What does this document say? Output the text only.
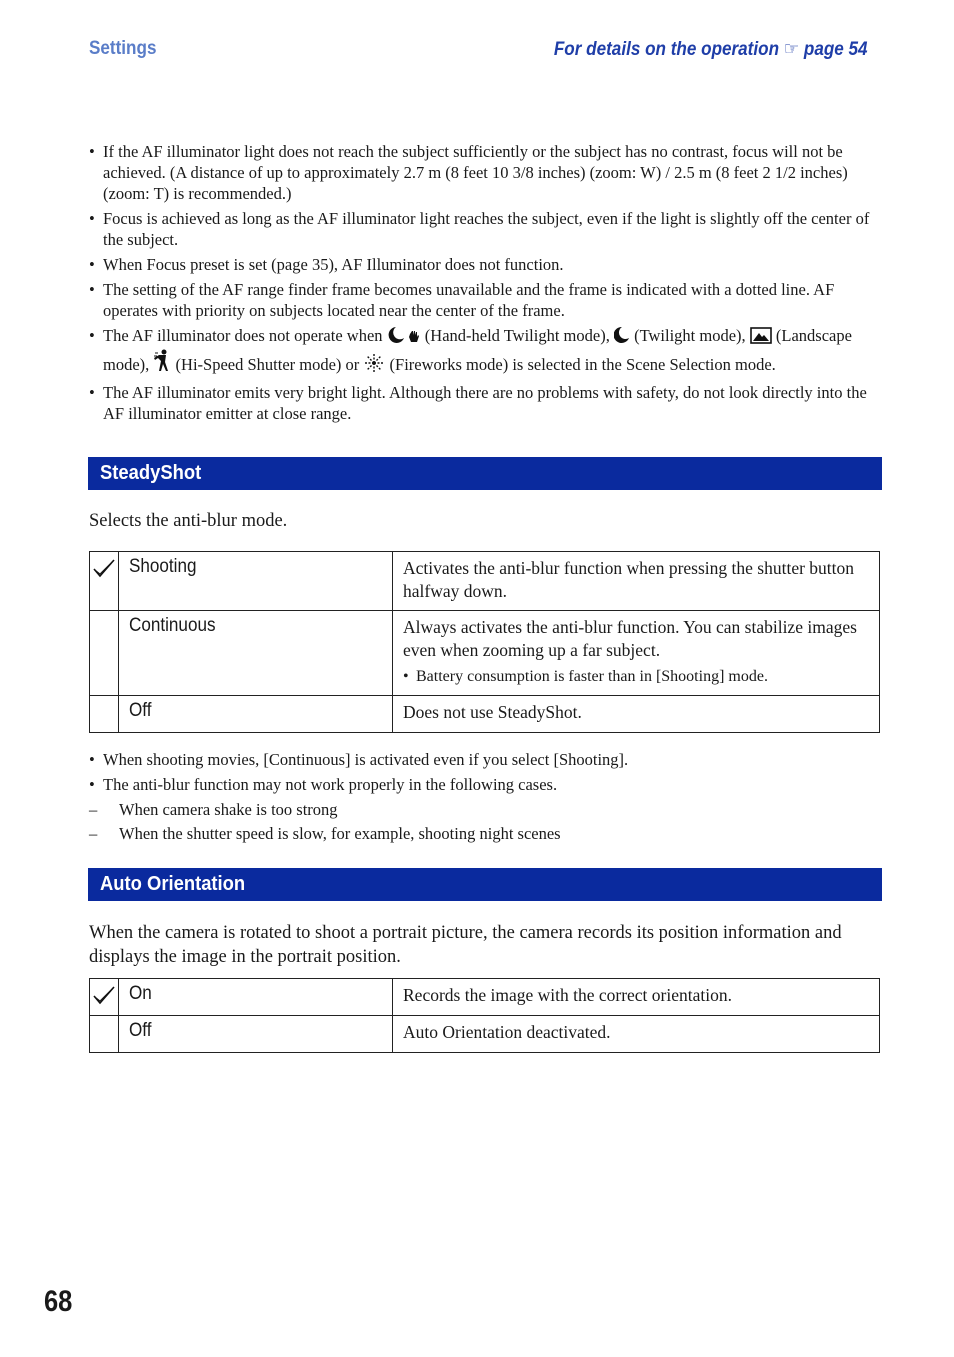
Settings	For details on the operation ☞ page 54
• If the AF illuminator light does not reach the subject sufficiently or the subject has no contrast, focus will not be achieved. (A distance of up to approximately 2.7 m (8 feet 10 3/8 inches) (zoom: W) / 2.5 m (8 feet 2 1/2 inches) (zoom: T) is recommended.)
• Focus is achieved as long as the AF illuminator light reaches the subject, even if the light is slightly off the center of the subject.
• When Focus preset is set (page 35), AF Illuminator does not function.
• The setting of the AF range finder frame becomes unavailable and the frame is indicated with a dotted line. AF operates with priority on subjects located near the center of the frame.
• The AF illuminator does not operate when	(Hand-held Twilight mode), (Twilight mode), (Landscape mode), (Hi-Speed Shutter mode) or (Fireworks mode) is selected in the Scene Selection mode.
• The AF illuminator emits very bright light. Although there are no problems with safety, do not look directly into the AF illuminator emitter at close range.
SteadyShot
Selects the anti-blur mode.
	Shooting	Activates the anti-blur function when pressing the shutter button halfway down.

	Continuous	Always activates the anti-blur function. You can stabilize images even when zooming up a far subject.
• Battery consumption is faster than in [Shooting] mode.

	Off	Does not use SteadyShot.
• When shooting movies, [Continuous] is activated even if you select [Shooting].
• The anti-blur function may not work properly in the following cases.
– When camera shake is too strong
– When the shutter speed is slow, for example, shooting night scenes
Auto Orientation
When the camera is rotated to shoot a portrait picture, the camera records its position information and displays the image in the portrait position.
	On	Records the image with the correct orientation.

	Off	Auto Orientation deactivated.
68
